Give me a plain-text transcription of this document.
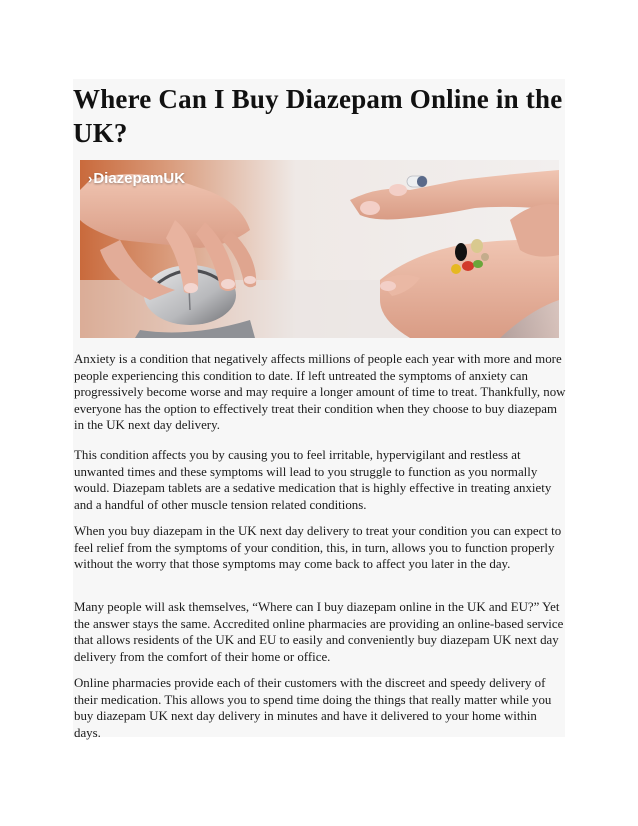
Where Can I Buy Diazepam Online in the UK?
›DiazepamUK

Anxiety is a condition that negatively affects millions of people each year with more and more people experiencing this condition to date. If left untreated the symptoms of anxiety can progressively become worse and may require a longer amount of time to treat. Thankfully, now everyone has the option to effectively treat their condition when they choose to buy diazepam in the UK next day delivery.

This condition affects you by causing you to feel irritable, hypervigilant and restless at unwanted times and these symptoms will lead to you struggle to function as you normally would. Diazepam tablets are a sedative medication that is highly effective in treating anxiety and a handful of other muscle tension related conditions.

When you buy diazepam in the UK next day delivery to treat your condition you can expect to feel relief from the symptoms of your condition, this, in turn, allows you to function properly without the worry that those symptoms may come back to affect you later in the day.

Many people will ask themselves, “Where can I buy diazepam online in the UK and EU?” Yet the answer stays the same. Accredited online pharmacies are providing an online-based service that allows residents of the UK and EU to easily and conveniently buy diazepam UK next day delivery from the comfort of their home or office.

Online pharmacies provide each of their customers with the discreet and speedy delivery of their medication. This allows you to spend time doing the things that really matter while you buy diazepam UK next day delivery in minutes and have it delivered to your home within days.
